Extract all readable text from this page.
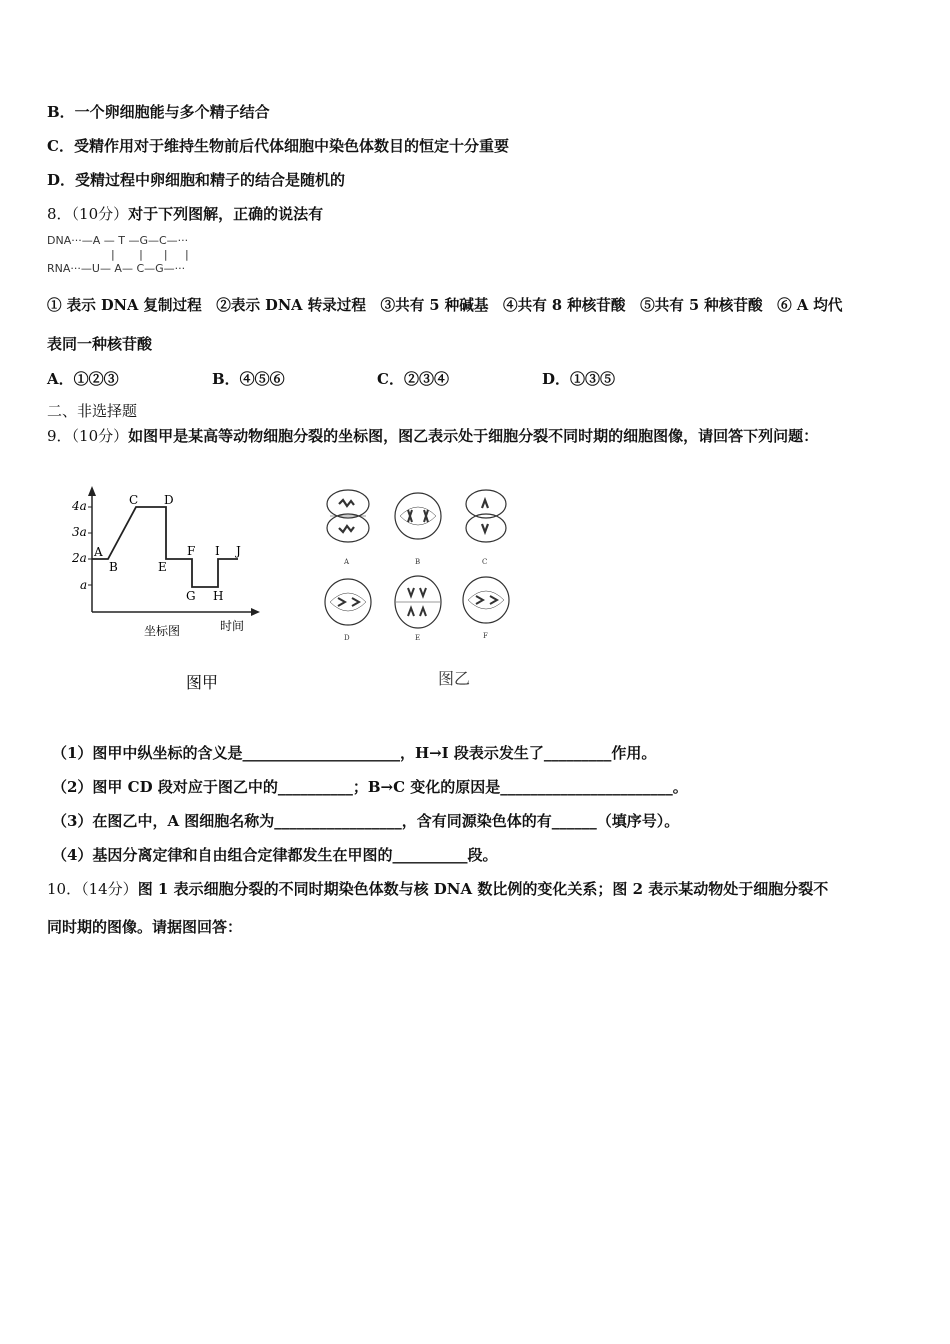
B．一个卵细胞能与多个精子结合
C．受精作用对于维持生物前后代体细胞中染色体数目的恒定十分重要
D．受精过程中卵细胞和精子的结合是随机的
8．（10分）对于下列图解，正确的说法有
DNA···—A — T —G—C—···
|       |      |     |
RNA···—U— A— C—G—···
① 表示 DNA 复制过程　②表示 DNA 转录过程　③共有 5 种碱基　④共有 8 种核苷酸　⑤共有 5 种核苷酸　⑥ A 均代
表同一种核苷酸
A．①②③	B．④⑤⑥	C．②③④	D．①③⑤
二、非选择题
9．（10分）如图甲是某高等动物细胞分裂的坐标图，图乙表示处于细胞分裂不同时期的细胞图像，请回答下列问题：
4a
3a
2a
a
A
B
C D
E
F
G H
I J
坐标图	时间
图甲
A	B	C
D	E	F
图乙
（1）图甲中纵坐标的含义是_____________________，H→I 段表示发生了_________作用。
（2）图甲 CD 段对应于图乙中的__________；B→C 变化的原因是_______________________。
（3）在图乙中，A 图细胞名称为_________________，含有同源染色体的有______（填序号）。
（4）基因分离定律和自由组合定律都发生在甲图的__________段。
10．（14分）图 1 表示细胞分裂的不同时期染色体数与核 DNA 数比例的变化关系；图 2 表示某动物处于细胞分裂不
同时期的图像。请据图回答：
